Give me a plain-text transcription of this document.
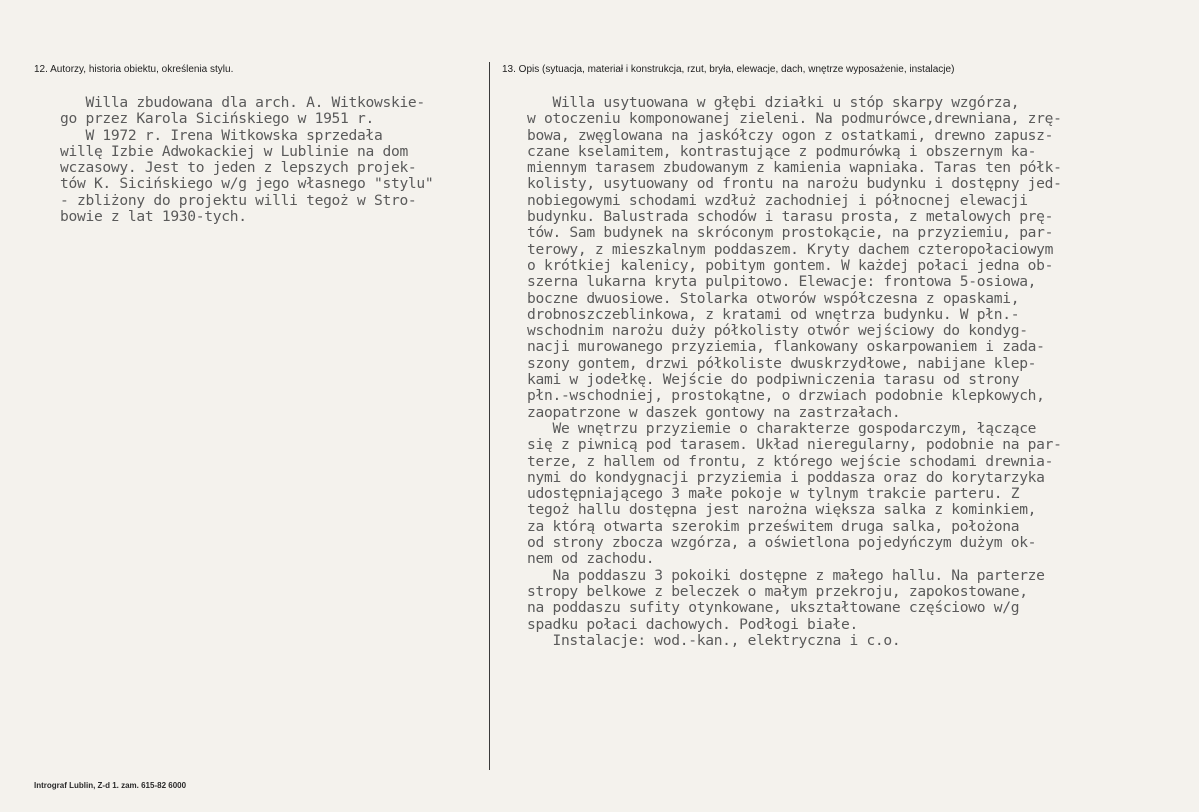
12. Autorzy, historia obiektu, określenia stylu.	13. Opis (sytuacja, materiał i konstrukcja, rzut, bryła, elewacje, dach, wnętrze wyposażenie, instalacje)
Willa zbudowana dla arch. A. Witkowskie-
go przez Karola Sicińskiego w 1951 r.
W 1972 r. Irena Witkowska sprzedała
willę Izbie Adwokackiej w Lublinie na dom
wczasowy. Jest to jeden z lepszych projek-
tów K. Sicińskiego w/g jego własnego "stylu"
- zbliżony do projektu willi tegoż w Stro-
bowie z lat 1930-tych.
Willa usytuowana w głębi działki u stóp skarpy wzgórza,
w otoczeniu komponowanej zieleni. Na podmurówce,drewniana, zrę-
bowa, zwęglowana na jaskółczy ogon z ostatkami, drewno zapusz-
czane kselamitem, kontrastujące z podmurówką i obszernym ka-
miennym tarasem zbudowanym z kamienia wapniaka. Taras ten półk-
kolisty, usytuowany od frontu na narożu budynku i dostępny jed-
nobiegowymi schodami wzdłuż zachodniej i północnej elewacji
budynku. Balustrada schodów i tarasu prosta, z metalowych prę-
tów. Sam budynek na skróconym prostokącie, na przyziemiu, par-
terowy, z mieszkalnym poddaszem. Kryty dachem czteropołaciowym
o krótkiej kalenicy, pobitym gontem. W każdej połaci jedna ob-
szerna lukarna kryta pulpitowo. Elewacje: frontowa 5-osiowa,
boczne dwuosiowe. Stolarka otworów współczesna z opaskami,
drobnoszczeblinkowa, z kratami od wnętrza budynku. W płn.-
wschodnim narożu duży półkolisty otwór wejściowy do kondyg-
nacji murowanego przyziemia, flankowany oskarpowaniem i zada-
szony gontem, drzwi półkoliste dwuskrzydłowe, nabijane klep-
kami w jodełkę. Wejście do podpiwniczenia tarasu od strony
płn.-wschodniej, prostokątne, o drzwiach podobnie klepkowych,
zaopatrzone w daszek gontowy na zastrzałach.
We wnętrzu przyziemie o charakterze gospodarczym, łączące
się z piwnicą pod tarasem. Układ nieregularny, podobnie na par-
terze, z hallem od frontu, z którego wejście schodami drewnia-
nymi do kondygnacji przyziemia i poddasza oraz do korytarzyka
udostępniającego 3 małe pokoje w tylnym trakcie parteru. Z
tegoż hallu dostępna jest narożna większa salka z kominkiem,
za którą otwarta szerokim prześwitem druga salka, położona
od strony zbocza wzgórza, a oświetlona pojedyńczym dużym ok-
nem od zachodu.
Na poddaszu 3 pokoiki dostępne z małego hallu. Na parterze
stropy belkowe z beleczek o małym przekroju, zapokostowane,
na poddaszu sufity otynkowane, ukształtowane częściowo w/g
spadku połaci dachowych. Podłogi białe.
Instalacje: wod.-kan., elektryczna i c.o.
Intrograf Lublin, Z-d 1. zam. 615-82 6000
